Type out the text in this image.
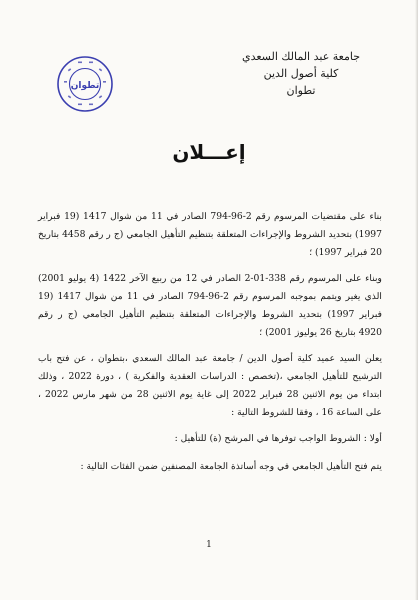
جامعة عبد المالك السعدي
كلية أصول الدين
تطوان
تطوان
إعـــلان
بناء على مقتضيات المرسوم رقم 2-96-794 الصادر في 11 من شوال 1417 (19 فبراير 1997) بتحديد الشروط والإجراءات المتعلقة بتنظيم التأهيل الجامعي (ج ر رقم 4458 بتاريخ 20 فبراير 1997) ؛
وبناء على المرسوم رقم 338-01-2 الصادر في 12 من ربيع الآخر 1422 (4 يوليو 2001) الذي يغير ويتمم بموجبه المرسوم رقم 2-96-794 الصادر في 11 من شوال 1417 (19 فبراير 1997) بتحديد الشروط والإجراءات المتعلقة بتنظيم التأهيل الجامعي (ج ر رقم 4920 بتاريخ 26 يوليوز 2001) ؛
يعلن السيد عميد كلية أصول الدين / جامعة عبد المالك السعدي ،بتطوان ، عن فتح باب الترشيح للتأهيل الجامعي ،(تخصص : الدراسات العقدية والفكرية ) ، دورة 2022 ، وذلك ابتداء من يوم الاثنين 28 فبراير 2022 إلى غاية يوم الاثنين 28 من شهر مارس 2022 ، على الساعة 16 ، وفقا للشروط التالية :
أولا : الشروط الواجب توفرها في المرشح (ة) للتأهيل :
يتم فتح التأهيل الجامعي في وجه أساتذة الجامعة المصنفين ضمن الفئات التالية :
1
